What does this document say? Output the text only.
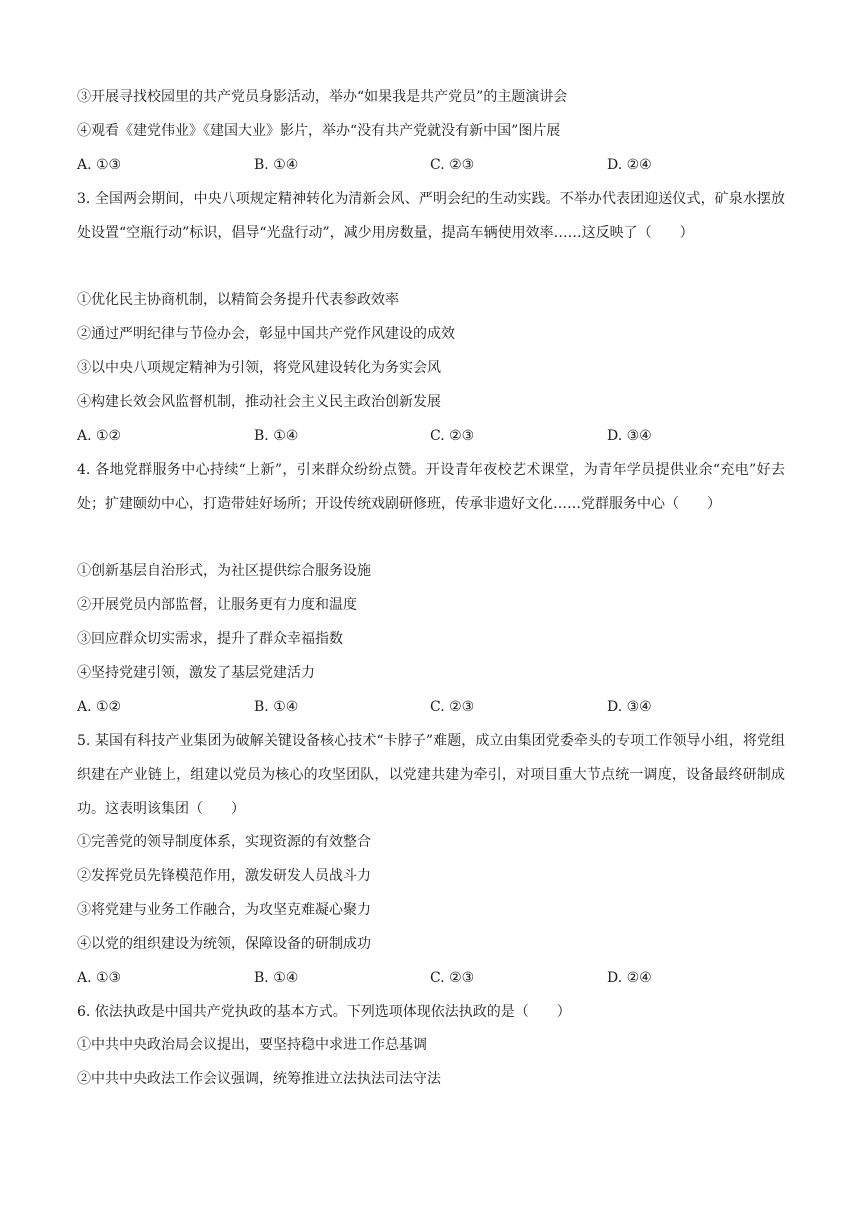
③开展寻找校园里的共产党员身影活动，举办“如果我是共产党员”的主题演讲会
④观看《建党伟业》《建国大业》影片，举办“没有共产党就没有新中国”图片展
A. ①③	B. ①④	C. ②③	D. ②④
3. 全国两会期间，中央八项规定精神转化为清新会风、严明会纪的生动实践。不举办代表团迎送仪式，矿泉水摆放处设置“空瓶行动”标识，倡导“光盘行动”，减少用房数量，提高车辆使用效率……这反映了（　　）
①优化民主协商机制，以精简会务提升代表参政效率
②通过严明纪律与节俭办会，彰显中国共产党作风建设的成效
③以中央八项规定精神为引领，将党风建设转化为务实会风
④构建长效会风监督机制，推动社会主义民主政治创新发展
A. ①②	B. ①④	C. ②③	D. ③④
4. 各地党群服务中心持续“上新”，引来群众纷纷点赞。开设青年夜校艺术课堂，为青年学员提供业余“充电”好去处；扩建颐幼中心，打造带娃好场所；开设传统戏剧研修班，传承非遗好文化……党群服务中心（　　）
①创新基层自治形式，为社区提供综合服务设施
②开展党员内部监督，让服务更有力度和温度
③回应群众切实需求，提升了群众幸福指数
④坚持党建引领，激发了基层党建活力
A. ①②	B. ①④	C. ②③	D. ③④
5. 某国有科技产业集团为破解关键设备核心技术“卡脖子”难题，成立由集团党委牵头的专项工作领导小组，将党组织建在产业链上，组建以党员为核心的攻坚团队，以党建共建为牵引，对项目重大节点统一调度，设备最终研制成功。这表明该集团（　　）
①完善党的领导制度体系，实现资源的有效整合
②发挥党员先锋模范作用，激发研发人员战斗力
③将党建与业务工作融合，为攻坚克难凝心聚力
④以党的组织建设为统领，保障设备的研制成功
A. ①③	B. ①④	C. ②③	D. ②④
6. 依法执政是中国共产党执政的基本方式。下列选项体现依法执政的是（　　）
①中共中央政治局会议提出，要坚持稳中求进工作总基调
②中共中央政法工作会议强调，统筹推进立法执法司法守法
